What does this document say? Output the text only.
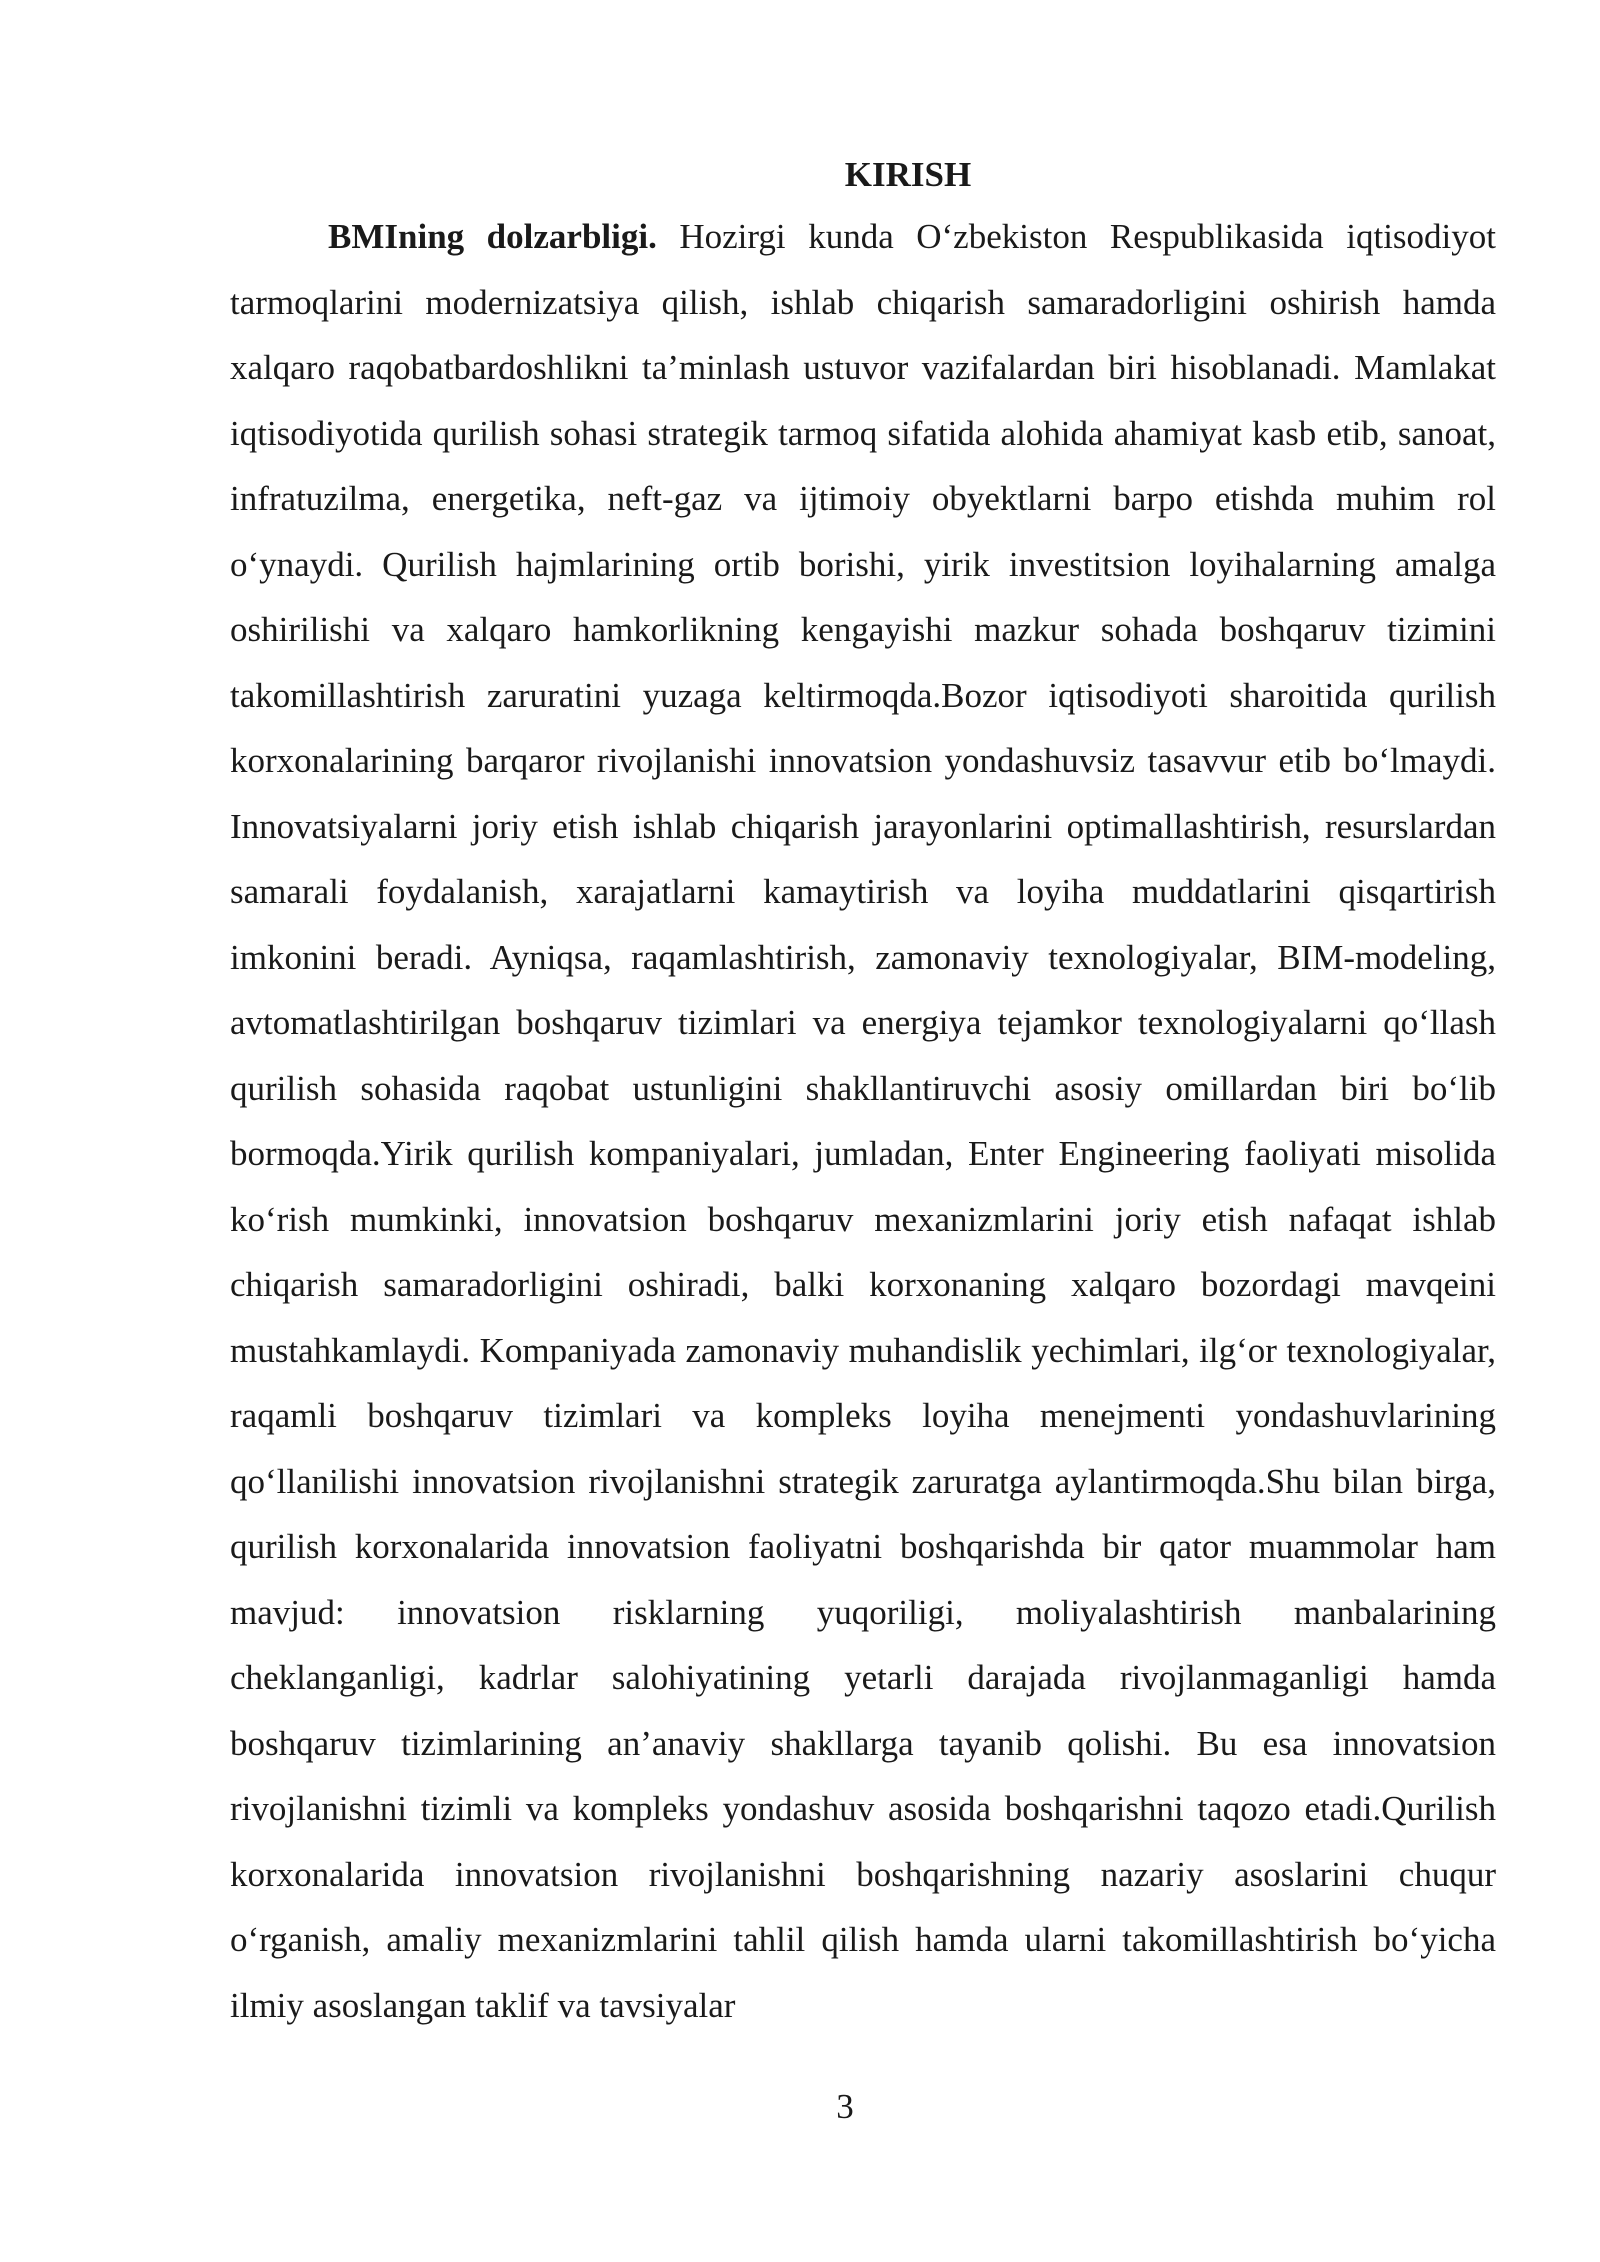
KIRISH

BMIning dolzarbligi. Hozirgi kunda O‘zbekiston Respublikasida iqtisodiyot tarmoqlarini modernizatsiya qilish, ishlab chiqarish samaradorligini oshirish hamda xalqaro raqobatbardoshlikni ta’minlash ustuvor vazifalardan biri hisoblanadi. Mamlakat iqtisodiyotida qurilish sohasi strategik tarmoq sifatida alohida ahamiyat kasb etib, sanoat, infratuzilma, energetika, neft-gaz va ijtimoiy obyektlarni barpo etishda muhim rol o‘ynaydi. Qurilish hajmlarining ortib borishi, yirik investitsion loyihalarning amalga oshirilishi va xalqaro hamkorlikning kengayishi mazkur sohada boshqaruv tizimini takomillashtirish zaruratini yuzaga keltirmoqda.Bozor iqtisodiyoti sharoitida qurilish korxonalarining barqaror rivojlanishi innovatsion yondashuvsiz tasavvur etib bo‘lmaydi. Innovatsiyalarni joriy etish ishlab chiqarish jarayonlarini optimallashtirish, resurslardan samarali foydalanish, xarajatlarni kamaytirish va loyiha muddatlarini qisqartirish imkonini beradi. Ayniqsa, raqamlashtirish, zamonaviy texnologiyalar, BIM-modeling, avtomatlashtirilgan boshqaruv tizimlari va energiya tejamkor texnologiyalarni qo‘llash qurilish sohasida raqobat ustunligini shakllantiruvchi asosiy omillardan biri bo‘lib bormoqda.Yirik qurilish kompaniyalari, jumladan, Enter Engineering faoliyati misolida ko‘rish mumkinki, innovatsion boshqaruv mexanizmlarini joriy etish nafaqat ishlab chiqarish samaradorligini oshiradi, balki korxonaning xalqaro bozordagi mavqeini mustahkamlaydi. Kompaniyada zamonaviy muhandislik yechimlari, ilg‘or texnologiyalar, raqamli boshqaruv tizimlari va kompleks loyiha menejmenti yondashuvlarining qo‘llanilishi innovatsion rivojlanishni strategik zaruratga aylantirmoqda.Shu bilan birga, qurilish korxonalarida innovatsion faoliyatni boshqarishda bir qator muammolar ham mavjud: innovatsion risklarning yuqoriligi, moliyalashtirish manbalarining cheklanganligi, kadrlar salohiyatining yetarli darajada rivojlanmaganligi hamda boshqaruv tizimlarining an’anaviy shakllarga tayanib qolishi. Bu esa innovatsion rivojlanishni tizimli va kompleks yondashuv asosida boshqarishni taqozo etadi.Qurilish korxonalarida innovatsion rivojlanishni boshqarishning nazariy asoslarini chuqur o‘rganish, amaliy mexanizmlarini tahlil qilish hamda ularni takomillashtirish bo‘yicha ilmiy asoslangan taklif va tavsiyalar

3
